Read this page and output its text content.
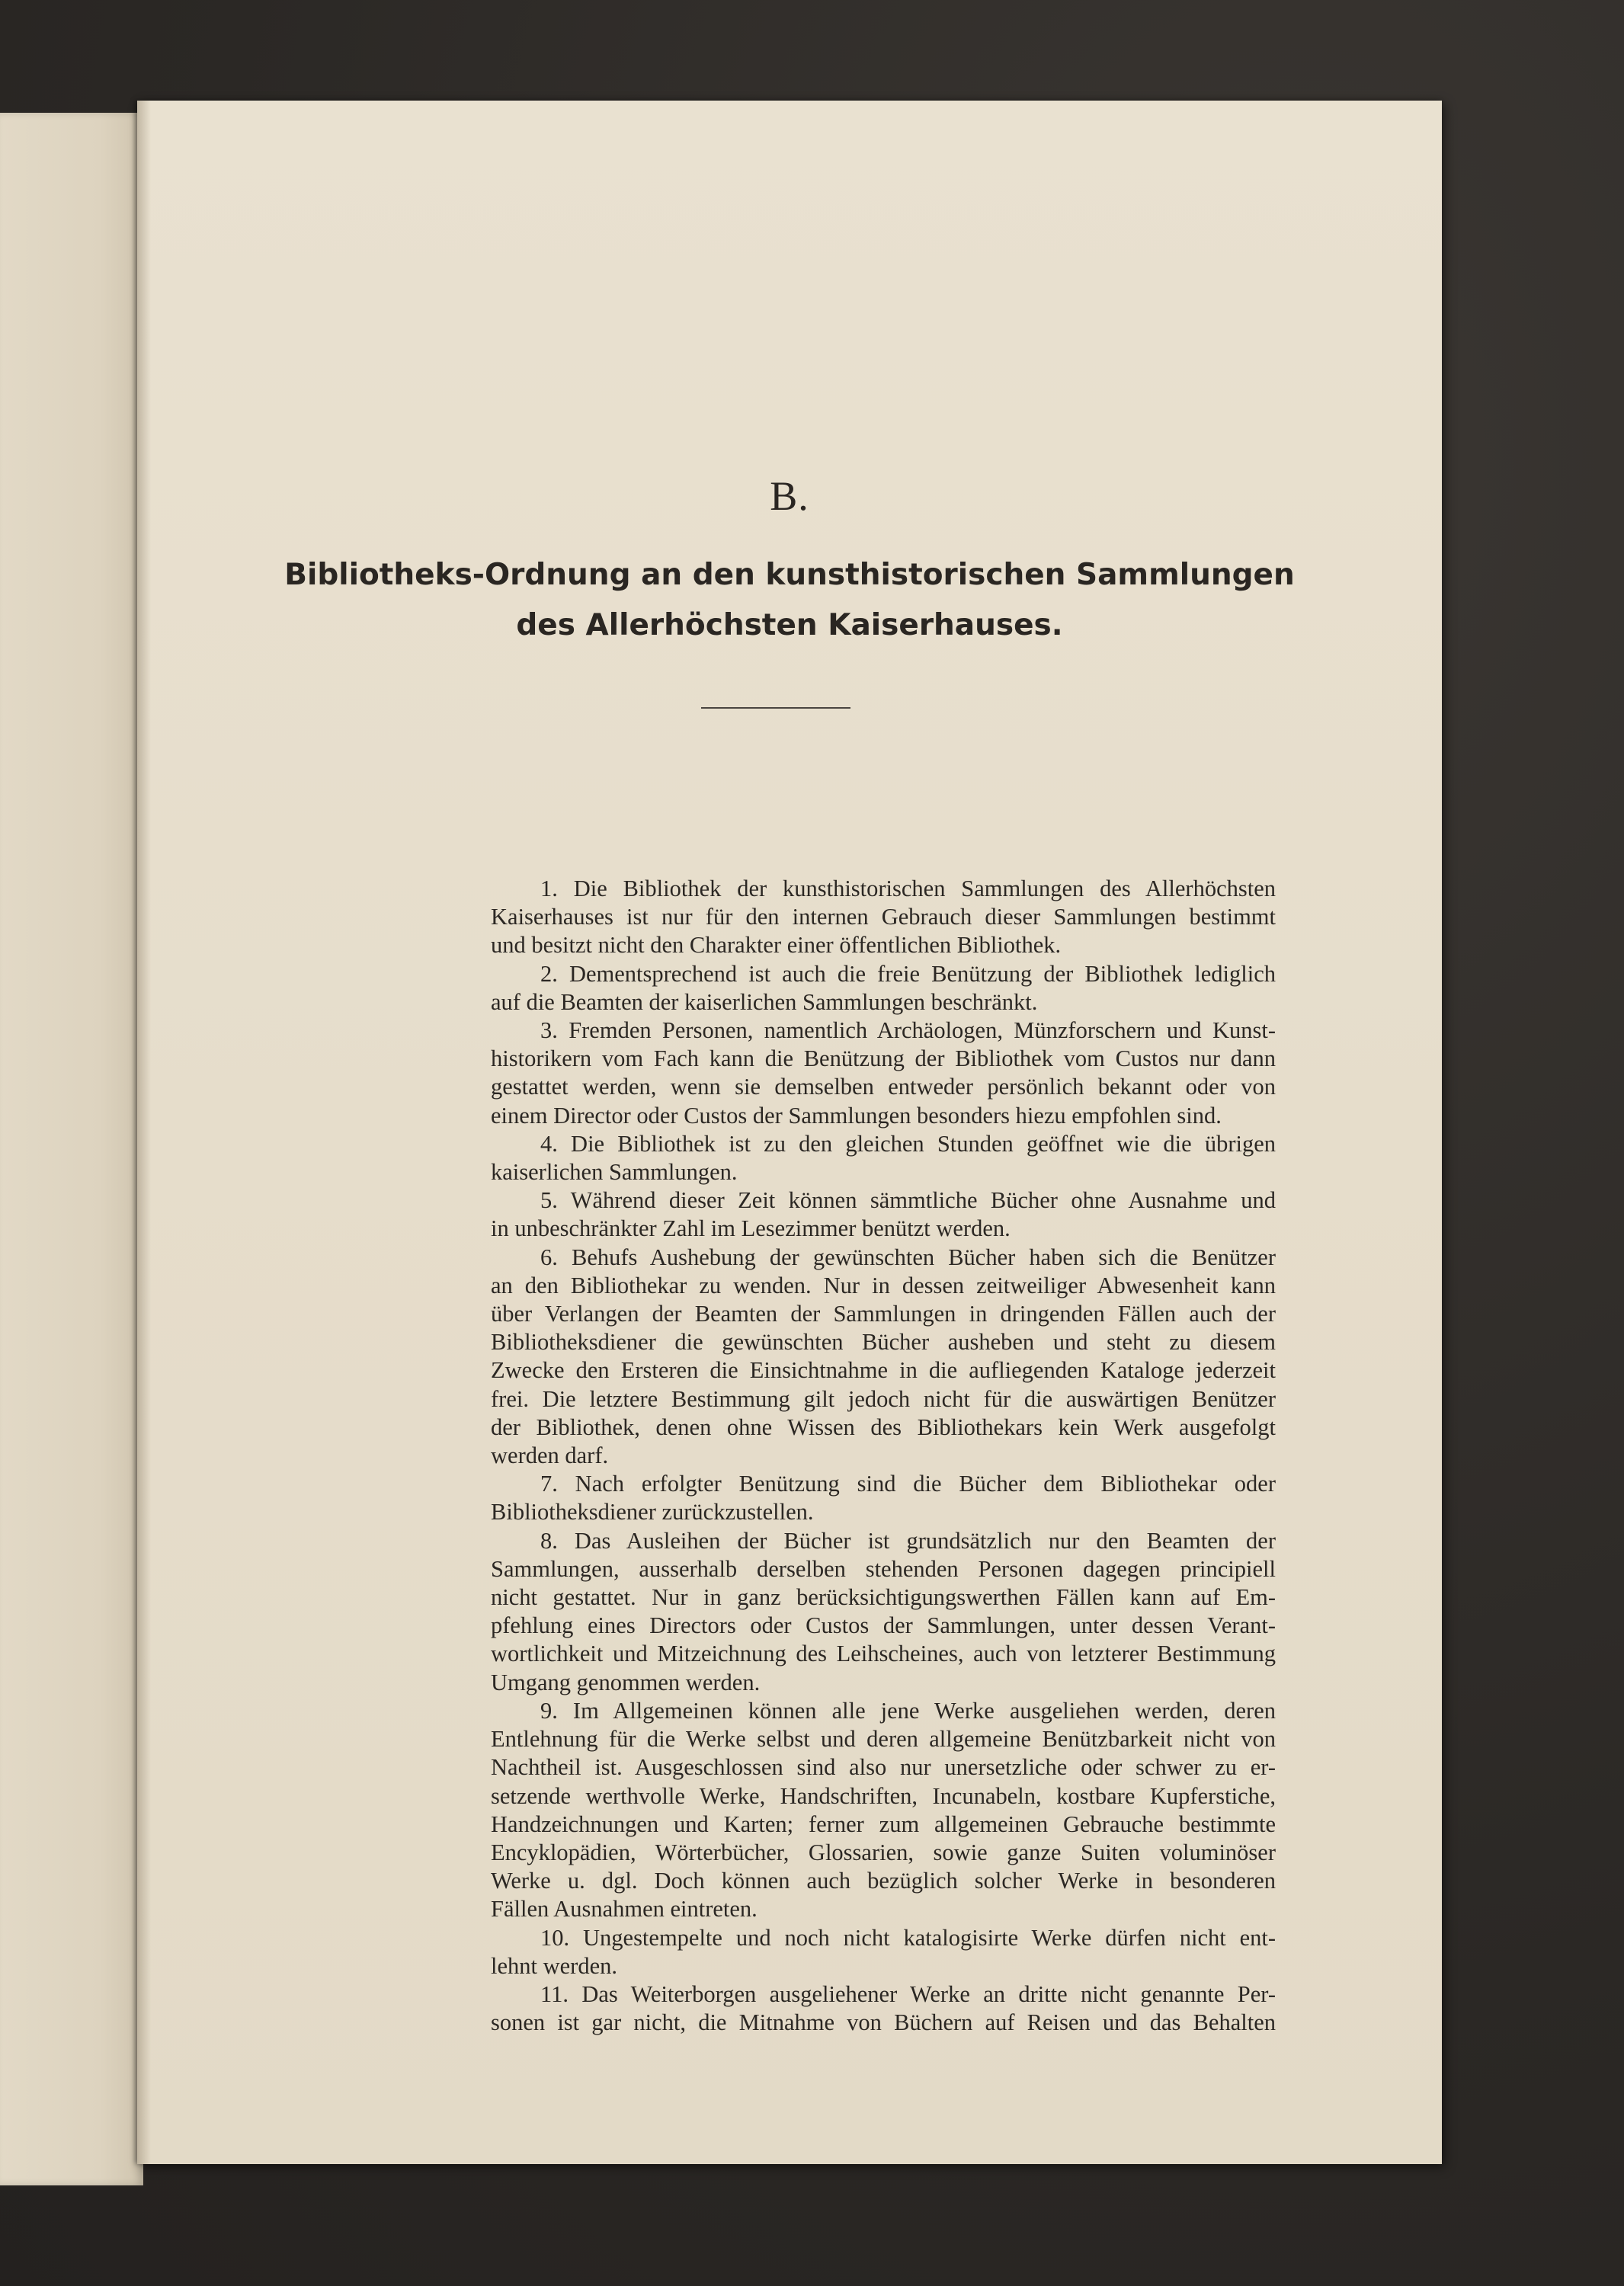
B.
Bibliotheks-Ordnung an den kunsthistorischen Sammlungen
des Allerhöchsten Kaiserhauses.
1. Die Bibliothek der kunsthistorischen Sammlungen des Allerhöchsten
Kaiserhauses ist nur für den internen Gebrauch dieser Sammlungen bestimmt
und besitzt nicht den Charakter einer öffentlichen Bibliothek.
2. Dementsprechend ist auch die freie Benützung der Bibliothek lediglich
auf die Beamten der kaiserlichen Sammlungen beschränkt.
3. Fremden Personen, namentlich Archäologen, Münzforschern und Kunst-
historikern vom Fach kann die Benützung der Bibliothek vom Custos nur dann
gestattet werden, wenn sie demselben entweder persönlich bekannt oder von
einem Director oder Custos der Sammlungen besonders hiezu empfohlen sind.
4. Die Bibliothek ist zu den gleichen Stunden geöffnet wie die übrigen
kaiserlichen Sammlungen.
5. Während dieser Zeit können sämmtliche Bücher ohne Ausnahme und
in unbeschränkter Zahl im Lesezimmer benützt werden.
6. Behufs Aushebung der gewünschten Bücher haben sich die Benützer
an den Bibliothekar zu wenden. Nur in dessen zeitweiliger Abwesenheit kann
über Verlangen der Beamten der Sammlungen in dringenden Fällen auch der
Bibliotheksdiener die gewünschten Bücher ausheben und steht zu diesem
Zwecke den Ersteren die Einsichtnahme in die aufliegenden Kataloge jederzeit
frei. Die letztere Bestimmung gilt jedoch nicht für die auswärtigen Benützer
der Bibliothek, denen ohne Wissen des Bibliothekars kein Werk ausgefolgt
werden darf.
7. Nach erfolgter Benützung sind die Bücher dem Bibliothekar oder
Bibliotheksdiener zurückzustellen.
8. Das Ausleihen der Bücher ist grundsätzlich nur den Beamten der
Sammlungen, ausserhalb derselben stehenden Personen dagegen principiell
nicht gestattet. Nur in ganz berücksichtigungswerthen Fällen kann auf Em-
pfehlung eines Directors oder Custos der Sammlungen, unter dessen Verant-
wortlichkeit und Mitzeichnung des Leihscheines, auch von letzterer Bestimmung
Umgang genommen werden.
9. Im Allgemeinen können alle jene Werke ausgeliehen werden, deren
Entlehnung für die Werke selbst und deren allgemeine Benützbarkeit nicht von
Nachtheil ist. Ausgeschlossen sind also nur unersetzliche oder schwer zu er-
setzende werthvolle Werke, Handschriften, Incunabeln, kostbare Kupferstiche,
Handzeichnungen und Karten; ferner zum allgemeinen Gebrauche bestimmte
Encyklopädien, Wörterbücher, Glossarien, sowie ganze Suiten voluminöser
Werke u. dgl. Doch können auch bezüglich solcher Werke in besonderen
Fällen Ausnahmen eintreten.
10. Ungestempelte und noch nicht katalogisirte Werke dürfen nicht ent-
lehnt werden.
11. Das Weiterborgen ausgeliehener Werke an dritte nicht genannte Per-
sonen ist gar nicht, die Mitnahme von Büchern auf Reisen und das Behalten
